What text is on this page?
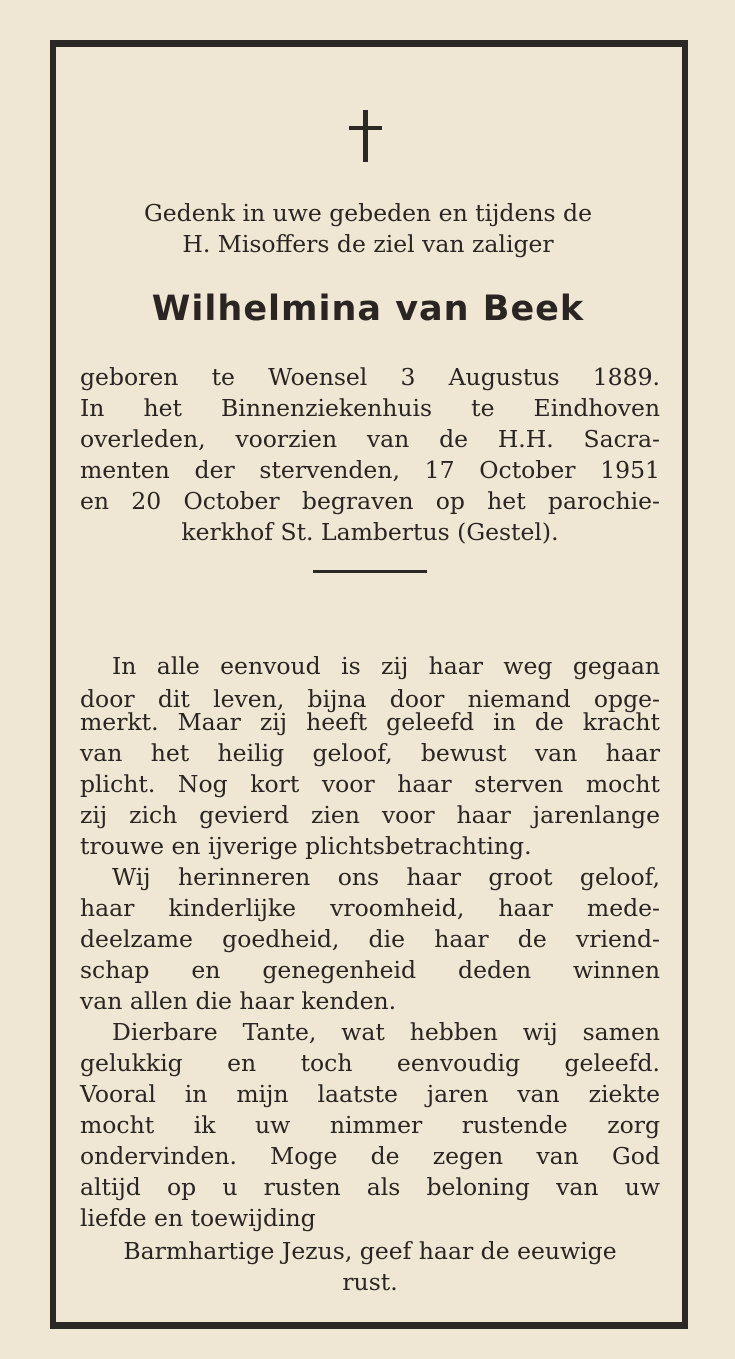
Gedenk in uwe gebeden en tijdens de
H. Misoffers de ziel van zaliger
Wilhelmina van Beek
geboren te Woensel 3 Augustus 1889.
In het Binnenziekenhuis te Eindhoven
overleden, voorzien van de H.H. Sacra-
menten der stervenden, 17 October 1951
en 20 October begraven op het parochie-
kerkhof St. Lambertus (Gestel).
In alle eenvoud is zij haar weg gegaan
door dit leven, bijna door niemand opge-
merkt. Maar zij heeft geleefd in de kracht
van het heilig geloof, bewust van haar
plicht. Nog kort voor haar sterven mocht
zij zich gevierd zien voor haar jarenlange
trouwe en ijverige plichtsbetrachting.
Wij herinneren ons haar groot geloof,
haar kinderlijke vroomheid, haar mede-
deelzame goedheid, die haar de vriend-
schap en genegenheid deden winnen
van allen die haar kenden.
Dierbare Tante, wat hebben wij samen
gelukkig en toch eenvoudig geleefd.
Vooral in mijn laatste jaren van ziekte
mocht ik uw nimmer rustende zorg
ondervinden. Moge de zegen van God
altijd op u rusten als beloning van uw
liefde en toewijding
Barmhartige Jezus, geef haar de eeuwige
rust.
